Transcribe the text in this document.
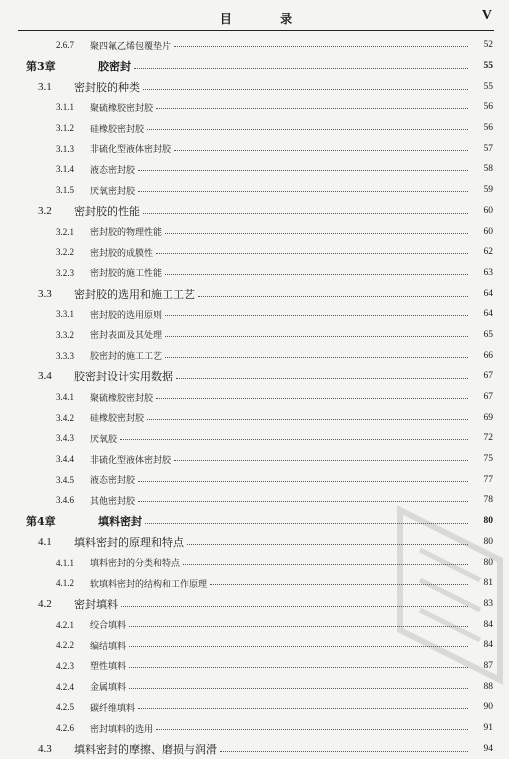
目 录	V
2.6.7	聚四氟乙烯包覆垫片	52
第3章	胶密封	55
3.1	密封胶的种类	55
3.1.1	聚硫橡胶密封胶	56
3.1.2	硅橡胶密封胶	56
3.1.3	非硫化型液体密封胶	57
3.1.4	液态密封胶	58
3.1.5	厌氧密封胶	59
3.2	密封胶的性能	60
3.2.1	密封胶的物理性能	60
3.2.2	密封胶的成膜性	62
3.2.3	密封胶的施工性能	63
3.3	密封胶的选用和施工工艺	64
3.3.1	密封胶的选用原则	64
3.3.2	密封表面及其处理	65
3.3.3	胶密封的施工工艺	66
3.4	胶密封设计实用数据	67
3.4.1	聚硫橡胶密封胶	67
3.4.2	硅橡胶密封胶	69
3.4.3	厌氧胶	72
3.4.4	非硫化型液体密封胶	75
3.4.5	液态密封胶	77
3.4.6	其他密封胶	78
第4章	填料密封	80
4.1	填料密封的原理和特点	80
4.1.1	填料密封的分类和特点	80
4.1.2	软填料密封的结构和工作原理	81
4.2	密封填料	83
4.2.1	绞合填料	84
4.2.2	编结填料	84
4.2.3	塑性填料	87
4.2.4	金属填料	88
4.2.5	碳纤维填料	90
4.2.6	密封填料的选用	91
4.3	填料密封的摩擦、磨损与润滑	94
